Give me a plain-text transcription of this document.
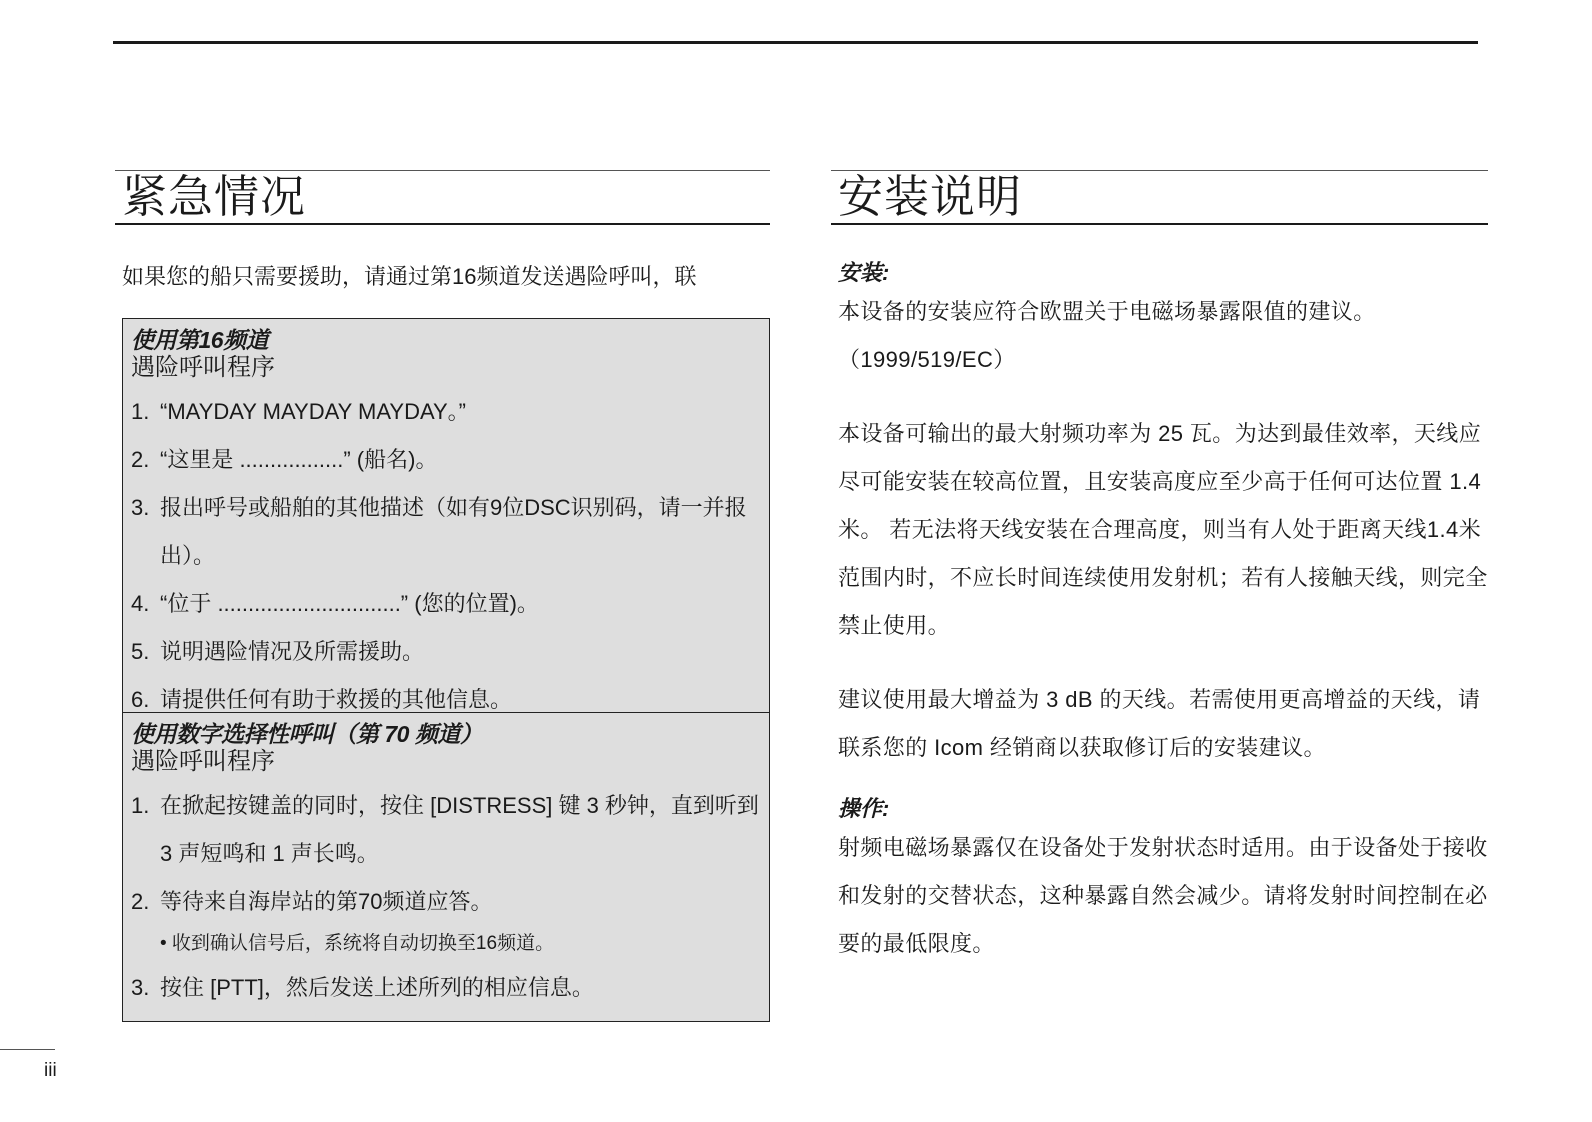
紧急情况
如果您的船只需要援助，请通过第16频道发送遇险呼叫，联
使用第16频道
遇险呼叫程序
1. “MAYDAY MAYDAY MAYDAY。”
2. “这里是 .................” (船名)。
3. 报出呼号或船舶的其他描述（如有9位DSC识别码，请一并报出）。
4. “位于 ..............................” (您的位置)。
5. 说明遇险情况及所需援助。
6. 请提供任何有助于救援的其他信息。
使用数字选择性呼叫（第 70 频道）
遇险呼叫程序
1. 在掀起按键盖的同时，按住 [DISTRESS] 键 3 秒钟，直到听到 3 声短鸣和 1 声长鸣。
2. 等待来自海岸站的第70频道应答。
• 收到确认信号后，系统将自动切换至16频道。
3. 按住 [PTT]，然后发送上述所列的相应信息。
安装说明
安装:
本设备的安装应符合欧盟关于电磁场暴露限值的建议。（1999/519/EC）
本设备可输出的最大射频功率为 25 瓦。为达到最佳效率，天线应尽可能安装在较高位置，且安装高度应至少高于任何可达位置 1.4 米。 若无法将天线安装在合理高度，则当有人处于距离天线1.4米范围内时，不应长时间连续使用发射机；若有人接触天线，则完全禁止使用。
建议使用最大增益为 3 dB 的天线。若需使用更高增益的天线，请联系您的 Icom 经销商以获取修订后的安装建议。
操作:
射频电磁场暴露仅在设备处于发射状态时适用。由于设备处于接收和发射的交替状态，这种暴露自然会减少。请将发射时间控制在必要的最低限度。
iii
